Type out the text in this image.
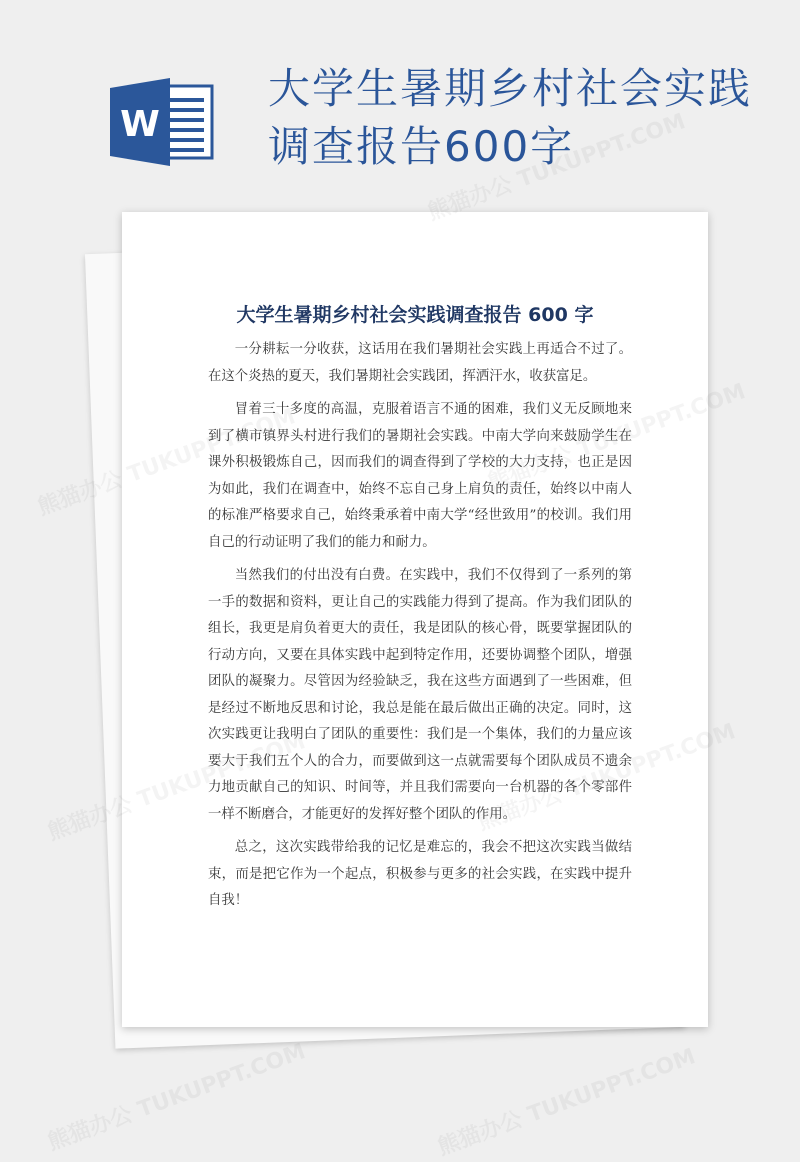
W
大学生暑期乡村社会实践调查报告600字
大学生暑期乡村社会实践调查报告 600 字

一分耕耘一分收获，这话用在我们暑期社会实践上再适合不过了。在这个炎热的夏天，我们暑期社会实践团，挥洒汗水，收获富足。

冒着三十多度的高温，克服着语言不通的困难，我们义无反顾地来到了横市镇界头村进行我们的暑期社会实践。中南大学向来鼓励学生在课外积极锻炼自己，因而我们的调查得到了学校的大力支持，也正是因为如此，我们在调查中，始终不忘自己身上肩负的责任，始终以中南人的标准严格要求自己，始终秉承着中南大学“经世致用”的校训。我们用自己的行动证明了我们的能力和耐力。

当然我们的付出没有白费。在实践中，我们不仅得到了一系列的第一手的数据和资料，更让自己的实践能力得到了提高。作为我们团队的组长，我更是肩负着更大的责任，我是团队的核心骨，既要掌握团队的行动方向，又要在具体实践中起到特定作用，还要协调整个团队，增强团队的凝聚力。尽管因为经验缺乏，我在这些方面遇到了一些困难，但是经过不断地反思和讨论，我总是能在最后做出正确的决定。同时，这次实践更让我明白了团队的重要性：我们是一个集体，我们的力量应该要大于我们五个人的合力，而要做到这一点就需要每个团队成员不遗余力地贡献自己的知识、时间等，并且我们需要向一台机器的各个零部件一样不断磨合，才能更好的发挥好整个团队的作用。

总之，这次实践带给我的记忆是难忘的，我会不把这次实践当做结束，而是把它作为一个起点，积极参与更多的社会实践，在实践中提升自我！
